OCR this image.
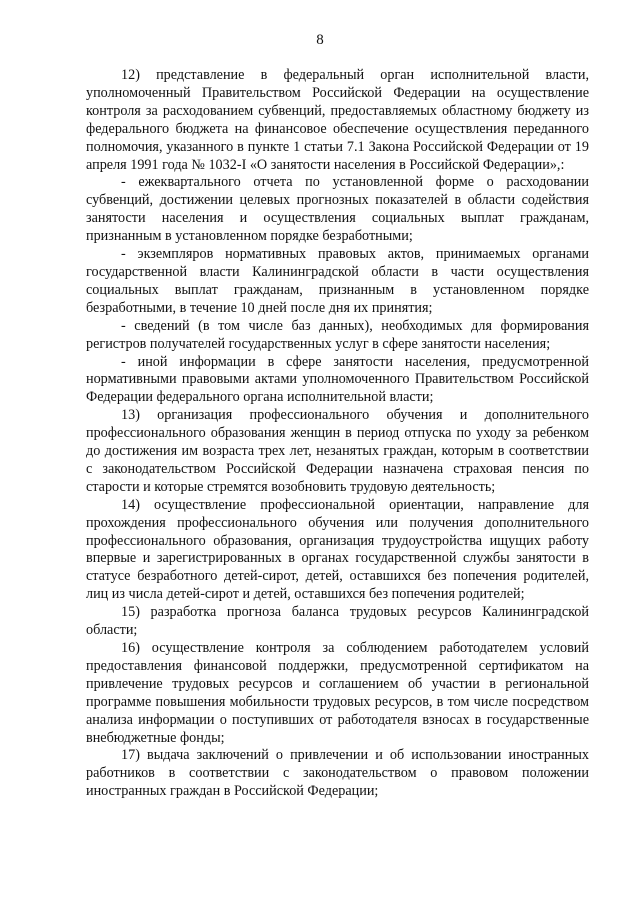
8

12) представление в федеральный орган исполнительной власти, уполномоченный Правительством Российской Федерации на осуществление контроля за расходованием субвенций, предоставляемых областному бюджету из федерального бюджета на финансовое обеспечение осуществления переданного полномочия, указанного в пункте 1 статьи 7.1 Закона Российской Федерации от 19 апреля 1991 года № 1032-I «О занятости населения в Российской Федерации»,:

- ежеквартального отчета по установленной форме о расходовании субвенций, достижении целевых прогнозных показателей в области содействия занятости населения и осуществления социальных выплат гражданам, признанным в установленном порядке безработными;

- экземпляров нормативных правовых актов, принимаемых органами государственной власти Калининградской области в части осуществления социальных выплат гражданам, признанным в установленном порядке безработными, в течение 10 дней после дня их принятия;

- сведений (в том числе баз данных), необходимых для формирования регистров получателей государственных услуг в сфере занятости населения;

- иной информации в сфере занятости населения, предусмотренной нормативными правовыми актами уполномоченного Правительством Российской Федерации федерального органа исполнительной власти;

13) организация профессионального обучения и дополнительного профессионального образования женщин в период отпуска по уходу за ребенком до достижения им возраста трех лет, незанятых граждан, которым в соответствии с законодательством Российской Федерации назначена страховая пенсия по старости и которые стремятся возобновить трудовую деятельность;

14) осуществление профессиональной ориентации, направление для прохождения профессионального обучения или получения дополнительного профессионального образования, организация трудоустройства ищущих работу впервые и зарегистрированных в органах государственной службы занятости в статусе безработного детей-сирот, детей, оставшихся без попечения родителей, лиц из числа детей-сирот и детей, оставшихся без попечения родителей;

15) разработка прогноза баланса трудовых ресурсов Калининградской области;

16) осуществление контроля за соблюдением работодателем условий предоставления финансовой поддержки, предусмотренной сертификатом на привлечение трудовых ресурсов и соглашением об участии в региональной программе повышения мобильности трудовых ресурсов, в том числе посредством анализа информации о поступивших от работодателя взносах в государственные внебюджетные фонды;

17) выдача заключений о привлечении и об использовании иностранных работников в соответствии с законодательством о правовом положении иностранных граждан в Российской Федерации;
